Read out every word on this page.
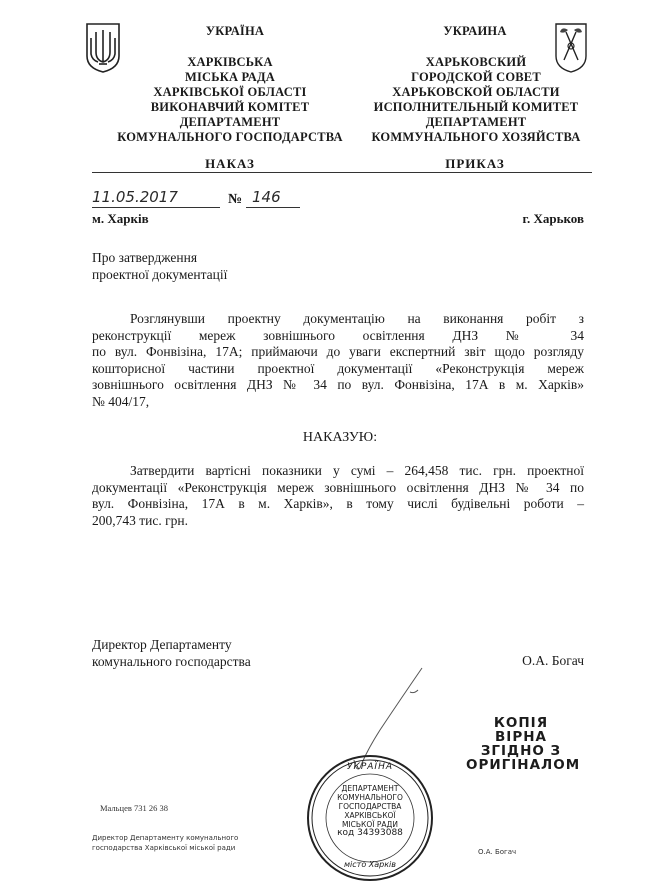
УКРАЇНА
ХАРКІВСЬКА
МІСЬКА РАДА
ХАРКІВСЬКОЇ ОБЛАСТІ
ВИКОНАВЧИЙ КОМІТЕТ
ДЕПАРТАМЕНТ
КОМУНАЛЬНОГО ГОСПОДАРСТВА
НАКАЗ
УКРАИНА
ХАРЬКОВСКИЙ
ГОРОДСКОЙ СОВЕТ
ХАРЬКОВСКОЙ ОБЛАСТИ
ИСПОЛНИТЕЛЬНЫЙ КОМИТЕТ
ДЕПАРТАМЕНТ
КОММУНАЛЬНОГО ХОЗЯЙСТВА
ПРИКАЗ
11.05.2017	№ 146
м. Харків	г. Харьков
Про затвердження
проектної документації
Розглянувши проектну документацію на виконання робіт з
реконструкції мереж зовнішнього освітлення ДНЗ № 34
по вул. Фонвізіна, 17А; приймаючи до уваги експертний звіт щодо розгляду
кошторисної частини проектної документації «Реконструкція мереж
зовнішнього освітлення ДНЗ № 34 по вул. Фонвізіна, 17А в м. Харків»
№ 404/17,
НАКАЗУЮ:
Затвердити вартісні показники у сумі – 264,458 тис. грн. проектної
документації «Реконструкція мереж зовнішнього освітлення ДНЗ № 34 по
вул. Фонвізіна, 17А в м. Харків», в тому числі будівельні роботи –
200,743 тис. грн.
Директор Департаменту
комунального господарства	О.А. Богач
КОПІЯ ВІРНА
ЗГІДНО З
ОРИГІНАЛОМ
УКРАЇНА
ДЕПАРТАМЕНТ
КОМУНАЛЬНОГО
ГОСПОДАРСТВА
ХАРКІВСЬКОЇ
МІСЬКОЇ РАДИ
код 34393088
місто Харків
Мальцев 731 26 38
Директор Департаменту комунального
господарства Харківської міської ради	О.А. Богач
